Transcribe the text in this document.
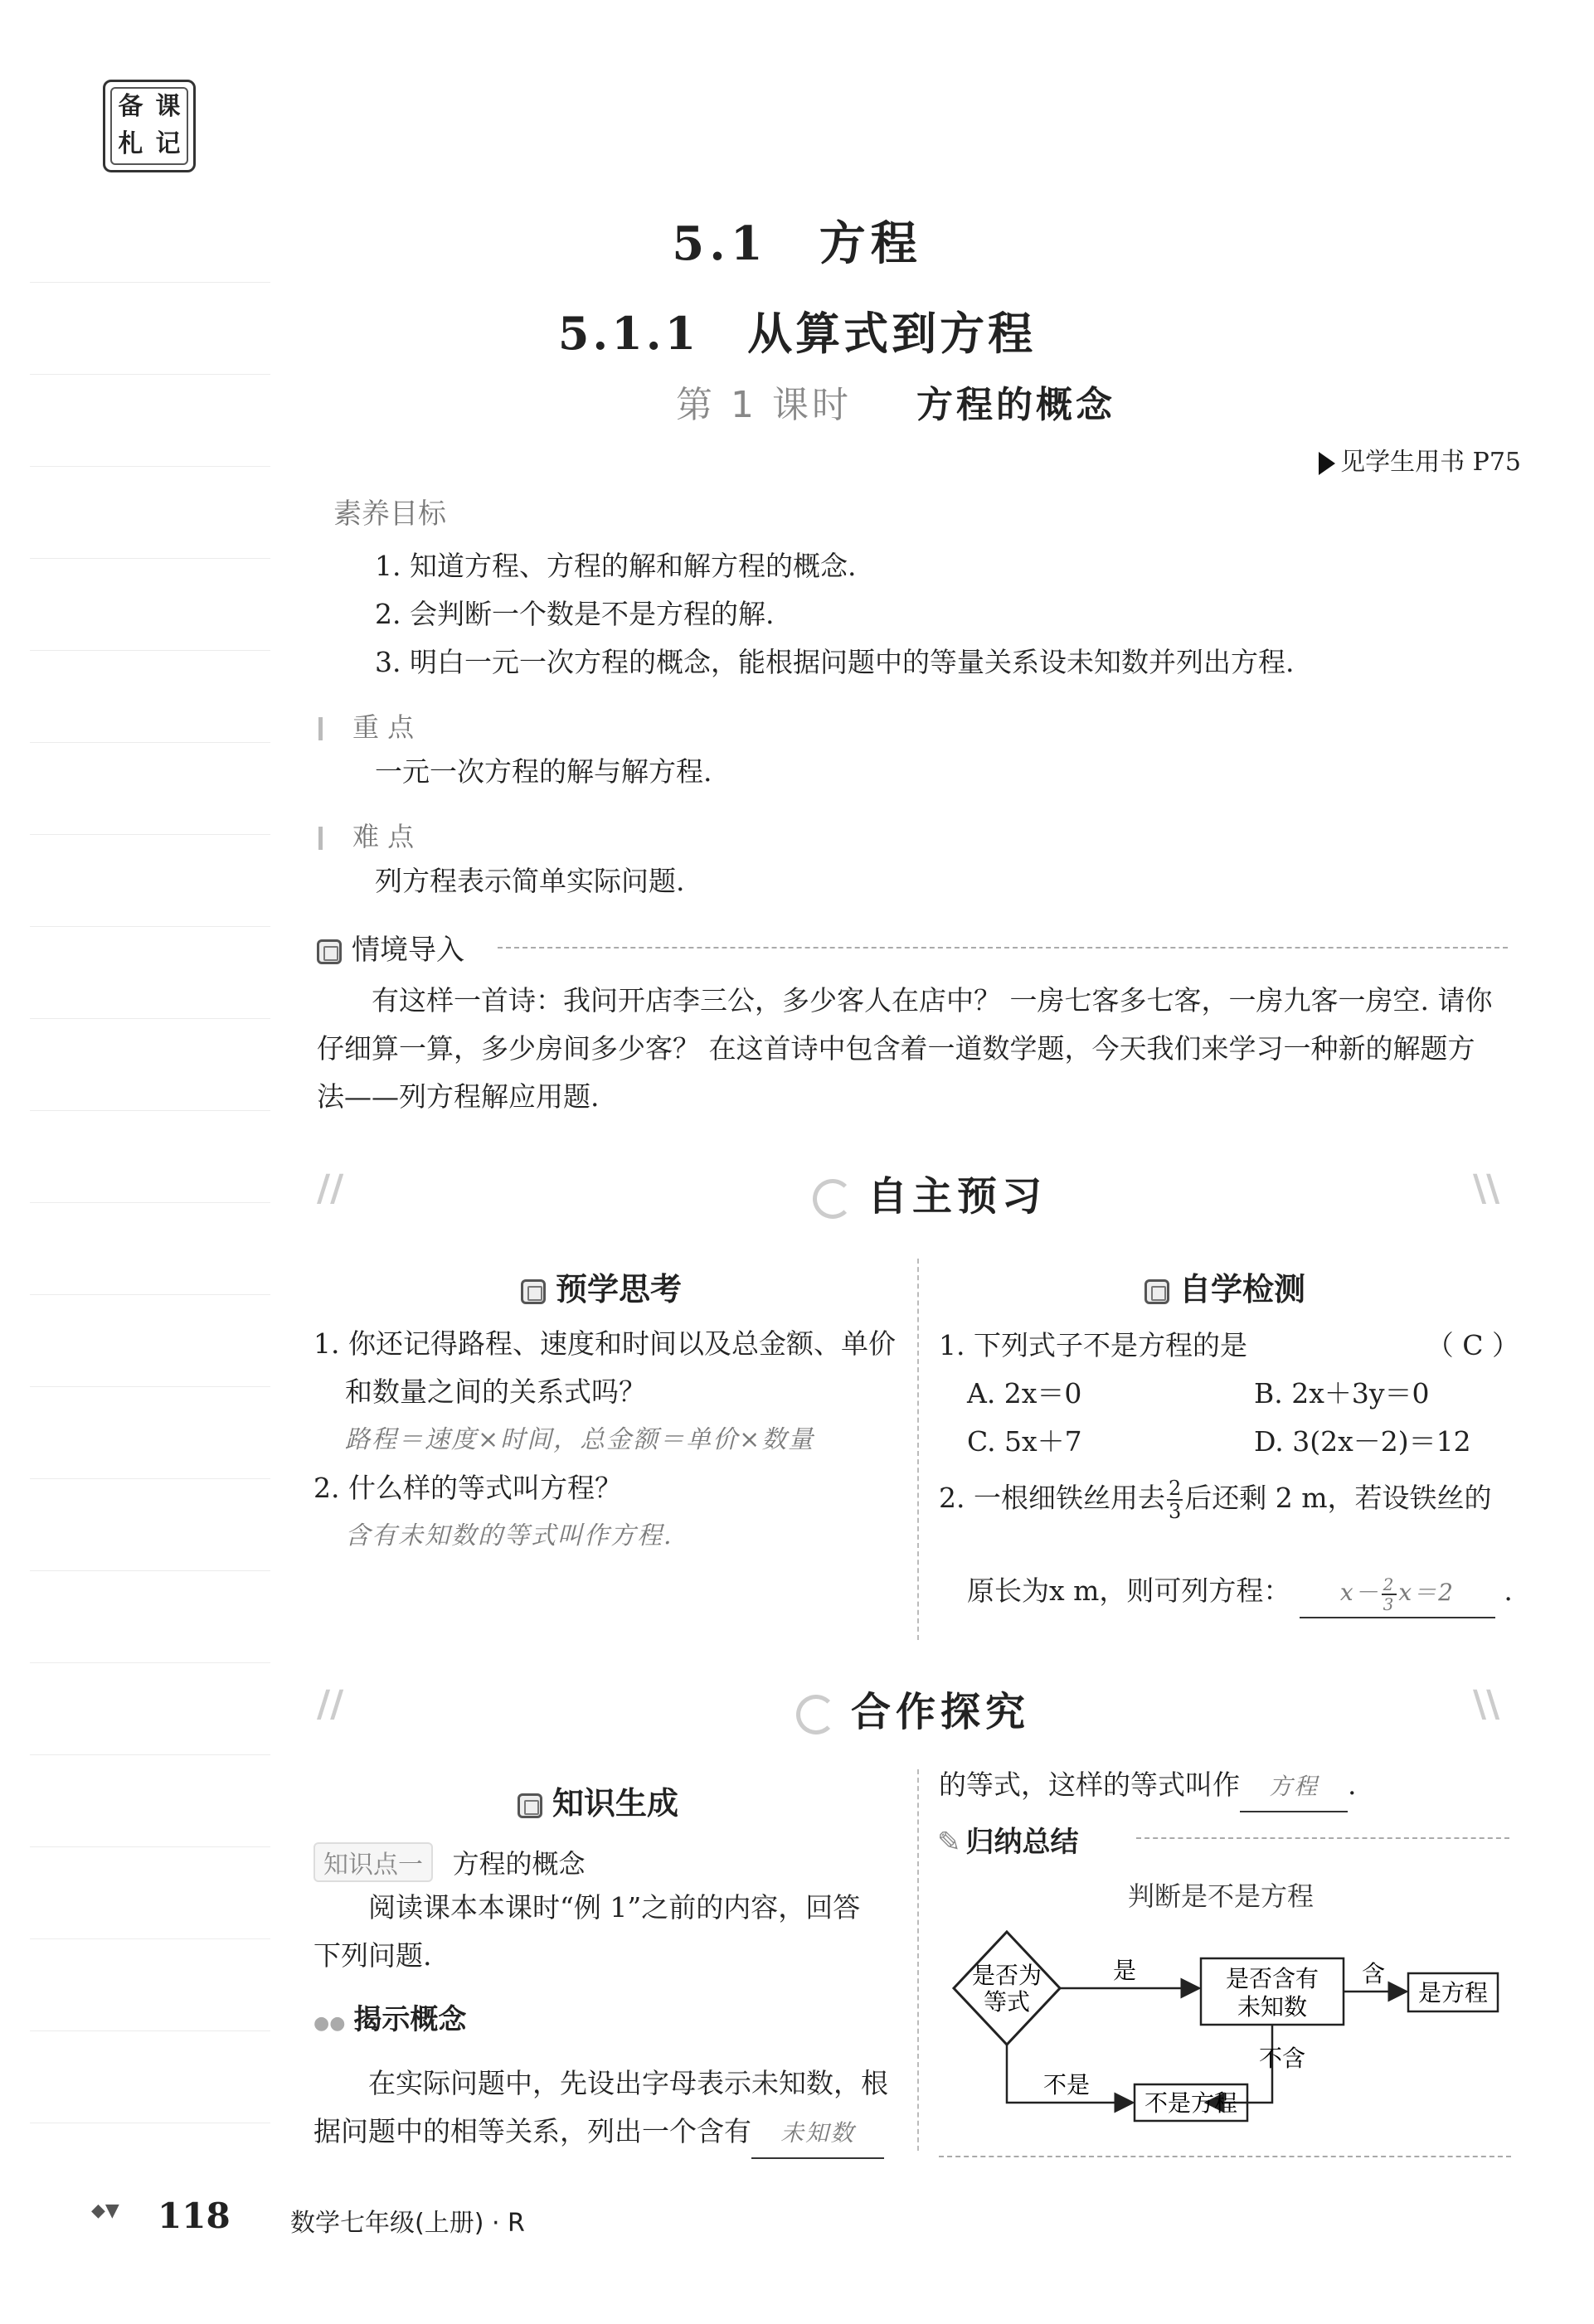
备 课
札 记
5.1　方程
5.1.1　从算式到方程
第 1 课时 方程的概念
见学生用书 P75
素养目标
1. 知道方程、方程的解和解方程的概念.
2. 会判断一个数是不是方程的解.
3. 明白一元一次方程的概念，能根据问题中的等量关系设未知数并列出方程.
重 点
一元一次方程的解与解方程.
难 点
列方程表示简单实际问题.
情境导入
有这样一首诗：我问开店李三公，多少客人在店中？ 一房七客多七客，一房九客一房空. 请你
仔细算一算，多少房间多少客？ 在这首诗中包含着一道数学题，今天我们来学习一种新的解题方
法——列方程解应用题.
//	\\
自主预习
预学思考
1. 你还记得路程、速度和时间以及总金额、单价
和数量之间的关系式吗？
路程＝速度×时间，总金额＝单价×数量
2. 什么样的等式叫方程？
含有未知数的等式叫作方程.
自学检测
1. 下列式子不是方程的是	（ C ）
A. 2x＝0	B. 2x＋3y＝0
C. 5x＋7	D. 3(2x－2)＝12
2. 一根细铁丝用去 $\frac{2}{3}$ 后还剩 2 m，若设铁丝的
原长为x m，则可列方程： $x- \frac{2}{3} x=2$ .
//	\\
合作探究
知识生成
知识点一 方程的概念
阅读课本本课时“例 1”之前的内容，回答
下列问题.
●● 揭示概念
在实际问题中，先设出字母表示未知数，根
据问题中的相等关系，列出一个含有 未知数
的等式，这样的等式叫作 方程 .
✎ 归纳总结
判断是不是方程
是否为
等式
是	是否含有
未知数
含
是方程
不是
不含
不是方程
◆▼ 118 数学七年级(上册) · R
